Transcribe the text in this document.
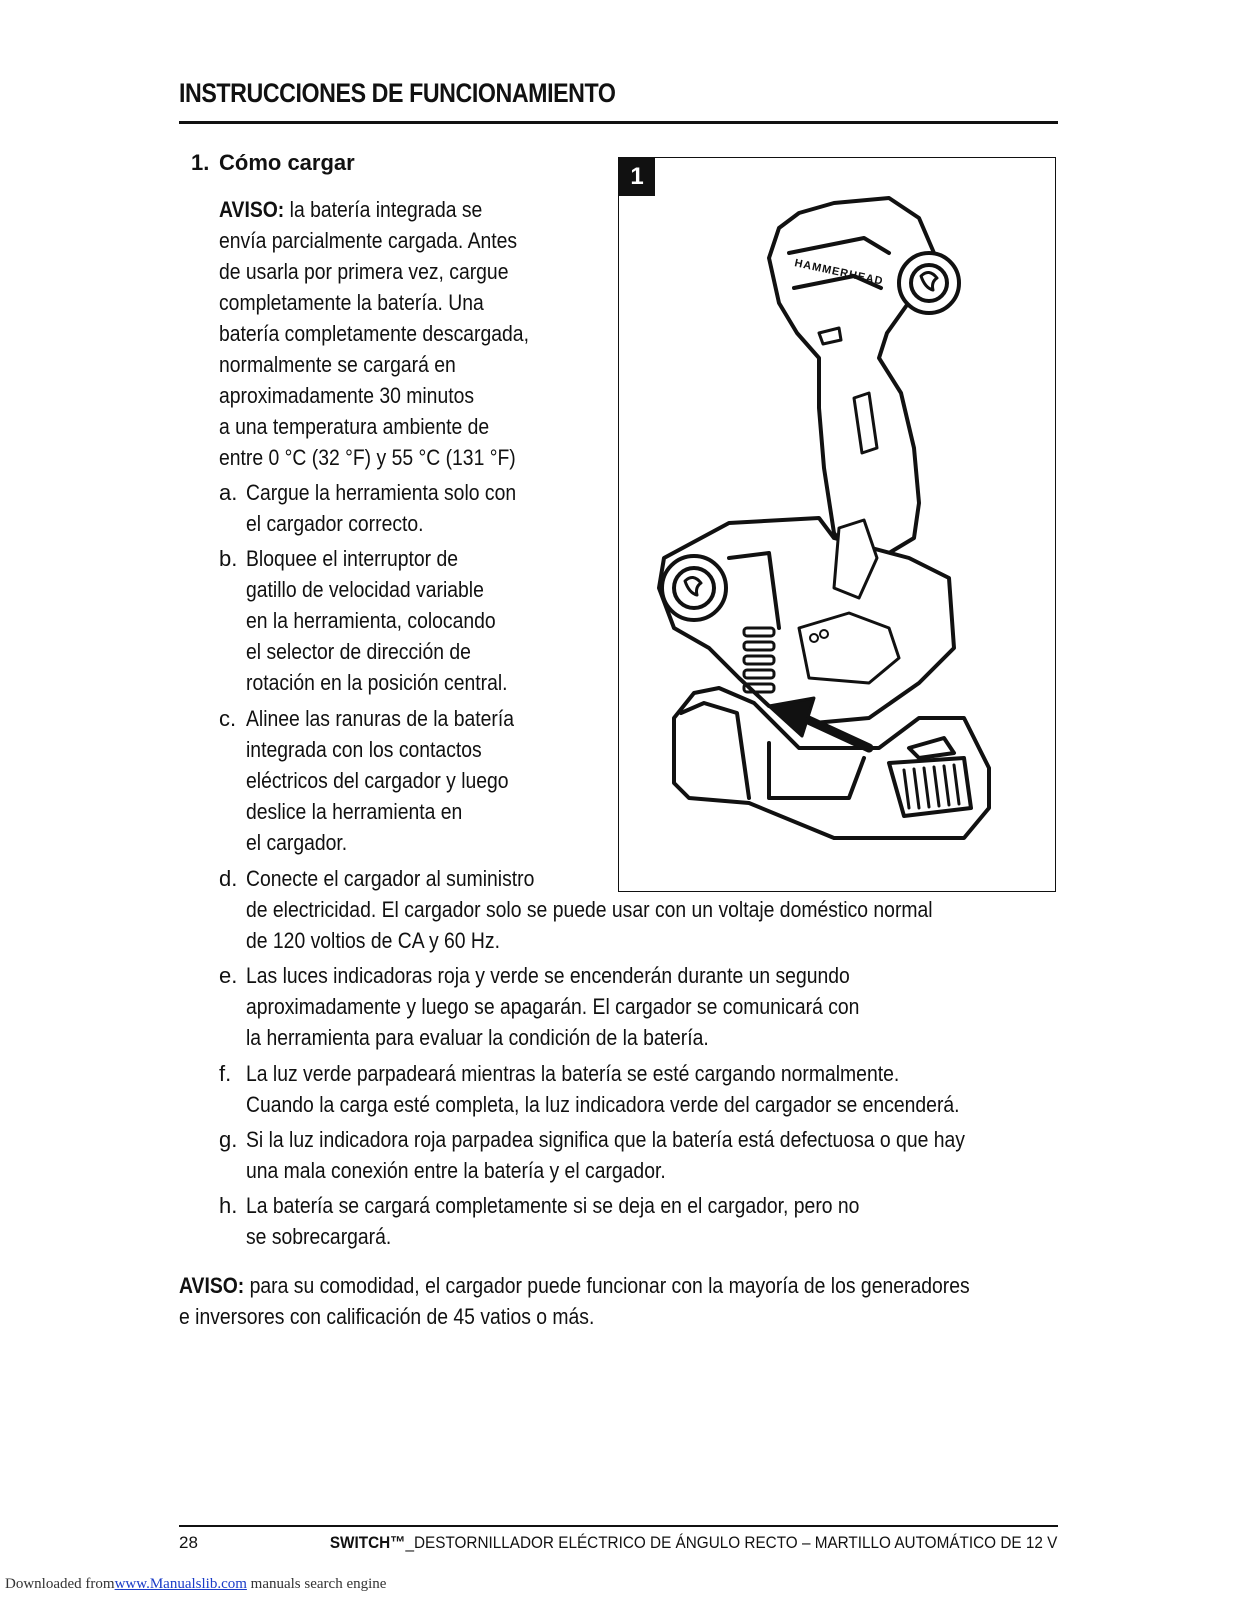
INSTRUCCIONES DE FUNCIONAMIENTO
1. Cómo cargar
AVISO: la batería integrada se
envía parcialmente cargada. Antes
de usarla por primera vez, cargue
completamente la batería. Una
batería completamente descargada,
normalmente se cargará en
aproximadamente 30 minutos
a una temperatura ambiente de
entre 0 °C (32 °F) y 55 °C (131 °F)
a. Cargue la herramienta solo con
el cargador correcto.
b. Bloquee el interruptor de
gatillo de velocidad variable
en la herramienta, colocando
el selector de dirección de
rotación en la posición central.
c. Alinee las ranuras de la batería
integrada con los contactos
eléctricos del cargador y luego
deslice la herramienta en
el cargador.
d. Conecte el cargador al suministro
de electricidad. El cargador solo se puede usar con un voltaje doméstico normal
de 120 voltios de CA y 60 Hz.
e. Las luces indicadoras roja y verde se encenderán durante un segundo
aproximadamente y luego se apagarán. El cargador se comunicará con
la herramienta para evaluar la condición de la batería.
f. La luz verde parpadeará mientras la batería se esté cargando normalmente.
Cuando la carga esté completa, la luz indicadora verde del cargador se encenderá.
g. Si la luz indicadora roja parpadea significa que la batería está defectuosa o que hay
una mala conexión entre la batería y el cargador.
h. La batería se cargará completamente si se deja en el cargador, pero no
se sobrecargará.
1
HAMMERHEAD
AVISO: para su comodidad, el cargador puede funcionar con la mayoría de los generadores
e inversores con calificación de 45 vatios o más.
28	SWITCH™_DESTORNILLADOR ELÉCTRICO DE ÁNGULO RECTO – MARTILLO AUTOMÁTICO DE 12 V
Downloaded fromwww.Manualslib.com manuals search engine
